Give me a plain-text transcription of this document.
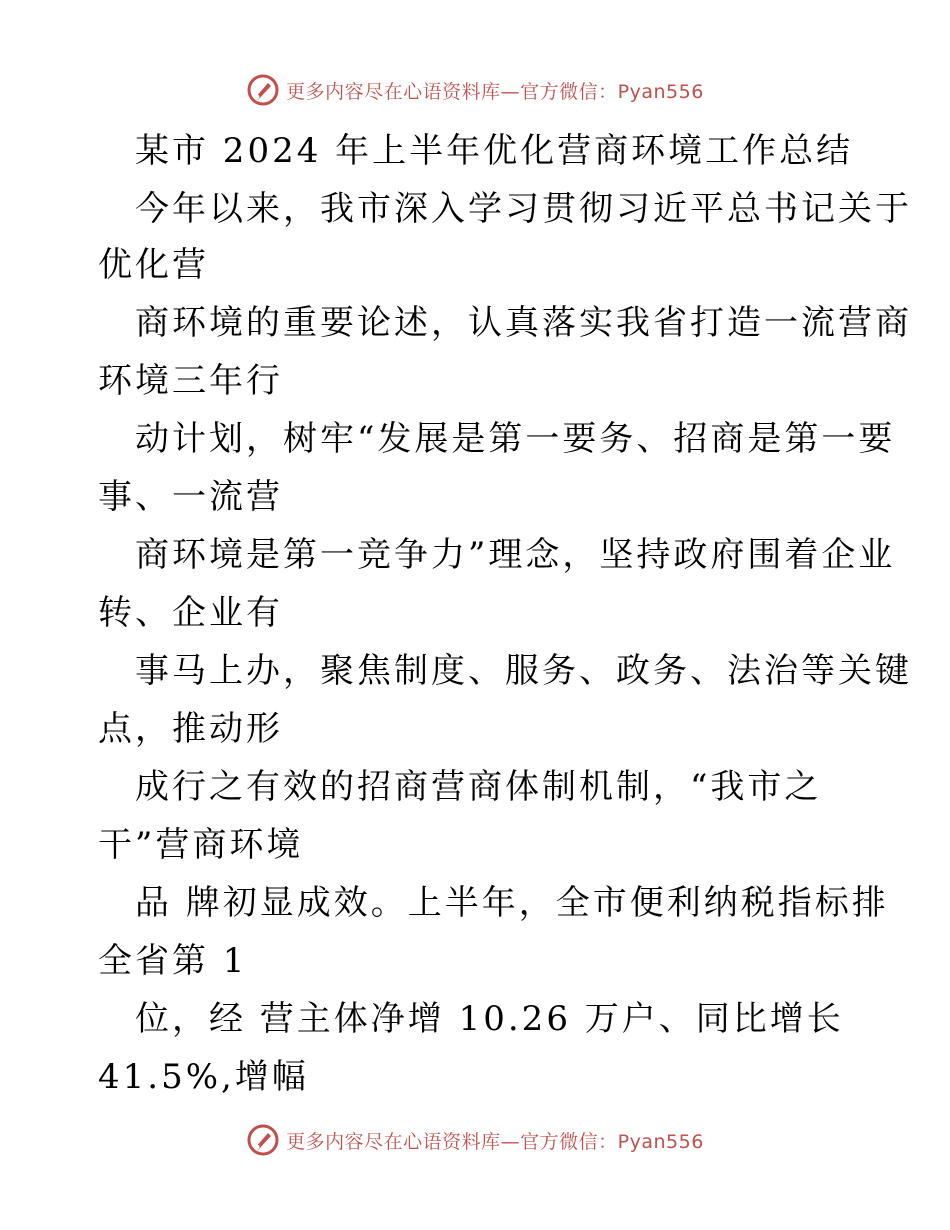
更多内容尽在心语资料库—官方微信：Pyan556
某市 2024 年上半年优化营商环境工作总结
今年以来，我市深入学习贯彻习近平总书记关于
优化营
商环境的重要论述，认真落实我省打造一流营商
环境三年行
动计划，树牢“发展是第一要务、招商是第一要
事、一流营
商环境是第一竞争力”理念，坚持政府围着企业
转、企业有
事马上办，聚焦制度、服务、政务、法治等关键
点，推动形
成行之有效的招商营商体制机制，“我市之
干”营商环境
品 牌初显成效。上半年，全市便利纳税指标排
全省第 1
位，经 营主体净增 10.26 万户、同比增长
41.5%,增幅
更多内容尽在心语资料库—官方微信：Pyan556
